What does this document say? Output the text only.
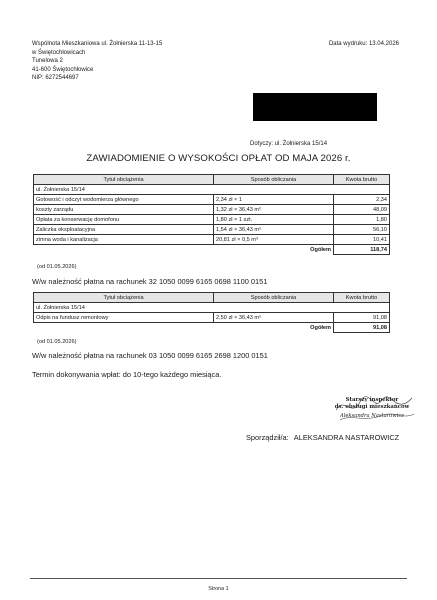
Wspólnota Mieszkaniowa ul. Żołnierska 11-13-15
w Świętochłowicach
Tunelowa 2
41-600 Świętochłowice
NIP: 6272544697
Data wydruku: 13.04.2026
Dotyczy: ul. Żołnierska 15/14
ZAWIADOMIENIE O WYSOKOŚCI OPŁAT OD MAJA 2026 r.
Tytuł obciążenia	Sposób obliczania	Kwota brutto
ul. Żołnierska 15/14		
Gotowość i odczyt wodomierza głównego	2,34 zł × 1	2,34
koszty zarządu	1,32 zł × 36,43 m²	48,09
Opłata za konserwację domofonu	1,80 zł × 1 szt.	1,80
Zaliczka eksploatacyjna	1,54 zł × 36,43 m²	56,10
zimna woda i kanalizacja	20,81 zł × 0,5 m³	10,41
	Ogółem	118,74
(od 01.05.2026)
W/w należność płatna na rachunek 32 1050 0099 6165 0698 1100 0151
Tytuł obciążenia	Sposób obliczania	Kwota brutto
ul. Żołnierska 15/14		
Odpis na fundusz remontowy	2,50 zł × 36,43 m²	91,08
	Ogółem	91,08
(od 01.05.2026)
W/w należność płatna na rachunek 03 1050 0099 6165 2698 1200 0151
Termin dokonywania wpłat: do 10-tego każdego miesiąca.
Starszy inspektor
ds. obsługi mieszkańców
Aleksandra Nastarowicz
Sporządził/a: ALEKSANDRA NASTAROWICZ
Strona 1
